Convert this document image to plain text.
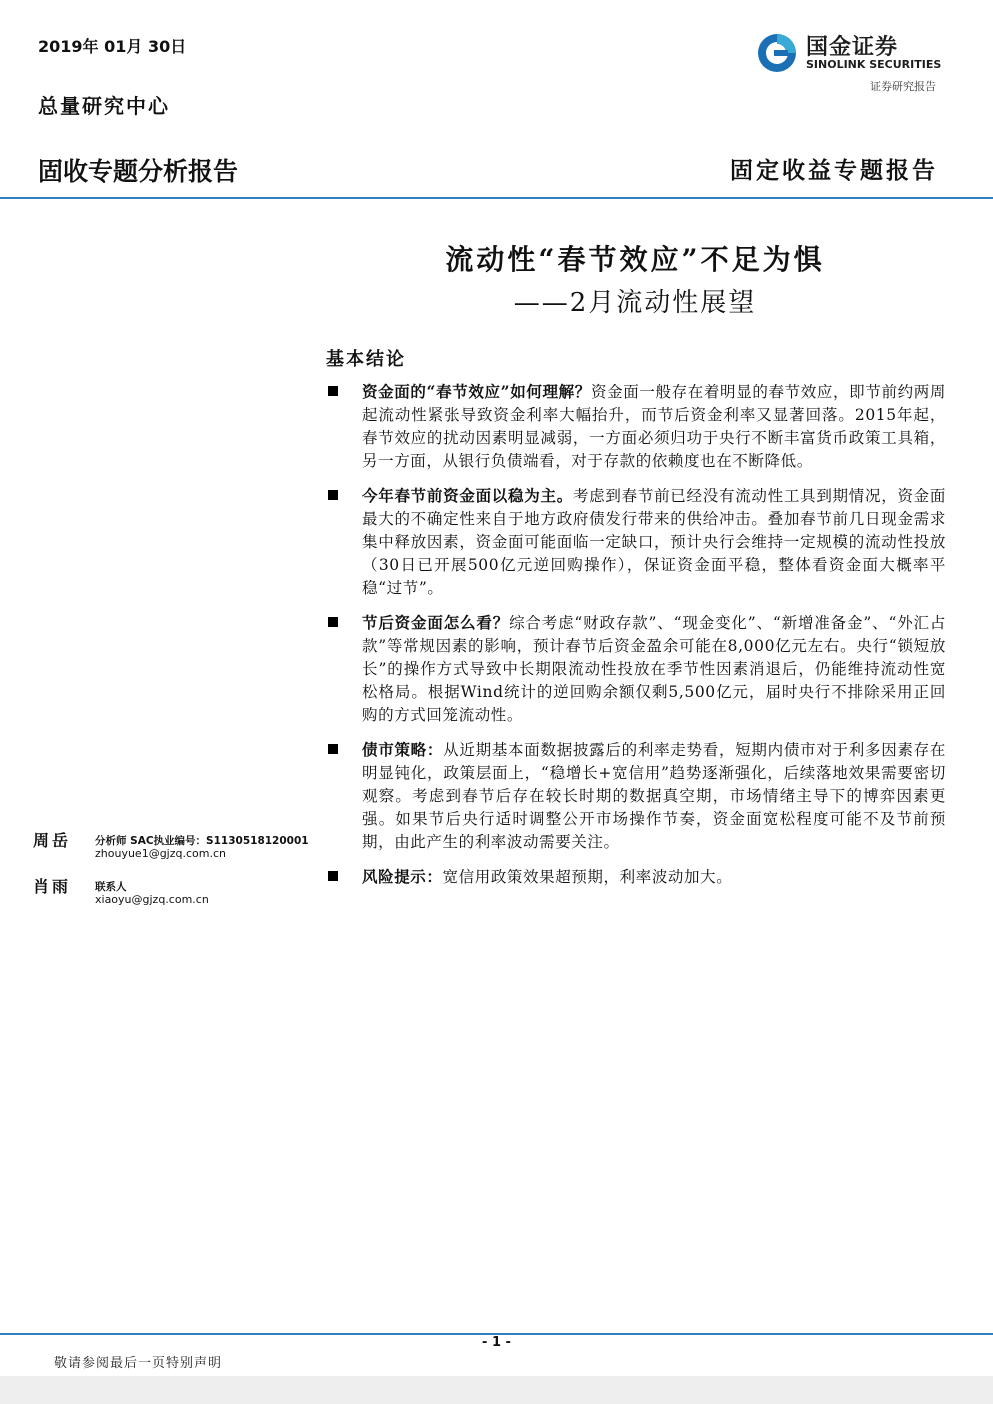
2019年 01月 30日
总量研究中心
国金证券
SINOLINK SECURITIES
证券研究报告
固收专题分析报告	固定收益专题报告
流动性“春节效应”不足为惧
——2月流动性展望
基本结论
资金面的“春节效应”如何理解？资金面一般存在着明显的春节效应，即节前约两周起流动性紧张导致资金利率大幅抬升，而节后资金利率又显著回落。2015年起，春节效应的扰动因素明显减弱，一方面必须归功于央行不断丰富货币政策工具箱，另一方面，从银行负债端看，对于存款的依赖度也在不断降低。
今年春节前资金面以稳为主。考虑到春节前已经没有流动性工具到期情况，资金面最大的不确定性来自于地方政府债发行带来的供给冲击。叠加春节前几日现金需求集中释放因素，资金面可能面临一定缺口，预计央行会维持一定规模的流动性投放（30日已开展500亿元逆回购操作），保证资金面平稳，整体看资金面大概率平稳“过节”。
节后资金面怎么看？综合考虑“财政存款”、“现金变化”、“新增准备金”、“外汇占款”等常规因素的影响，预计春节后资金盈余可能在8,000亿元左右。央行“锁短放长”的操作方式导致中长期限流动性投放在季节性因素消退后，仍能维持流动性宽松格局。根据Wind统计的逆回购余额仅剩5,500亿元，届时央行不排除采用正回购的方式回笼流动性。
债市策略：从近期基本面数据披露后的利率走势看，短期内债市对于利多因素存在明显钝化，政策层面上，“稳增长+宽信用”趋势逐渐强化，后续落地效果需要密切观察。考虑到春节后存在较长时期的数据真空期，市场情绪主导下的博弈因素更强。如果节后央行适时调整公开市场操作节奏，资金面宽松程度可能不及节前预期，由此产生的利率波动需要关注。
风险提示：宽信用政策效果超预期，利率波动加大。
周岳 分析师 SAC执业编号：S1130518120001
zhouyue1@gjzq.com.cn
肖雨 联系人
xiaoyu@gjzq.com.cn
- 1 -
敬请参阅最后一页特别声明
